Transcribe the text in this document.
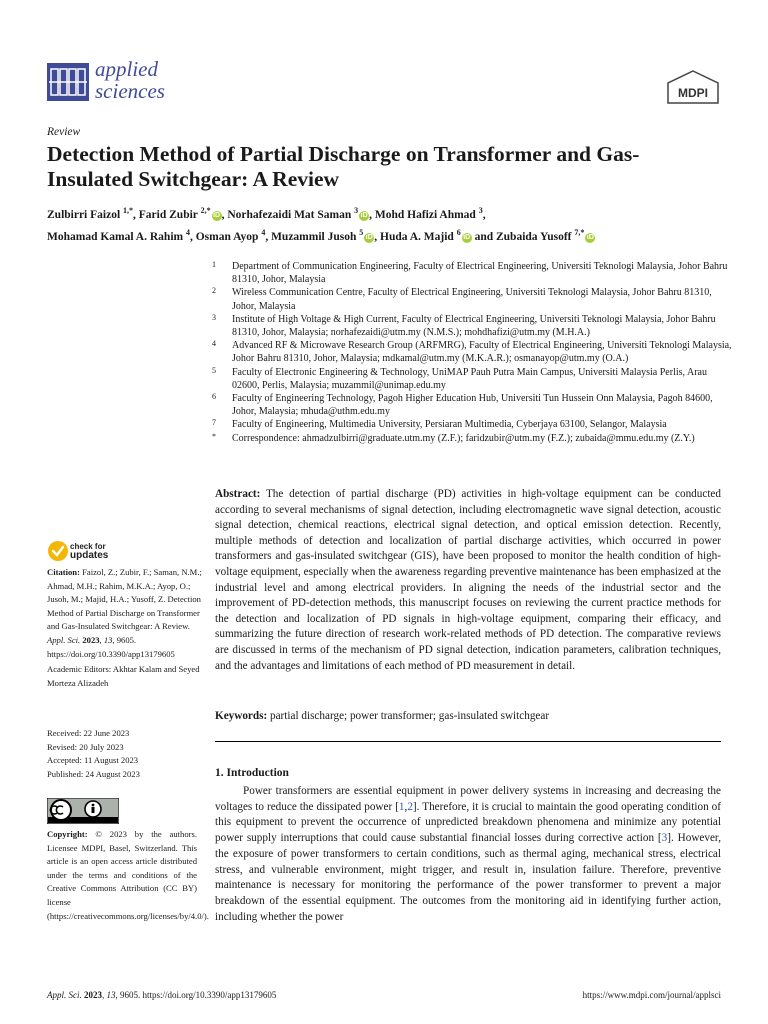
applied
sciences	MDPI
Review
Detection Method of Partial Discharge on Transformer and Gas-Insulated Switchgear: A Review
Zulbirri Faizol $^{1,*}$, Farid Zubir $^{2,*}$iD , Norhafezaidi Mat Saman $^3$iD , Mohd Hafizi Ahmad $^3$,
Mohamad Kamal A. Rahim $^4$, Osman Ayop $^4$, Muzammil Jusoh $^5$iD , Huda A. Majid $^6$iD and Zubaida Yusoff $^{7,*}$iD
1 Department of Communication Engineering, Faculty of Electrical Engineering, Universiti Teknologi Malaysia, Johor Bahru 81310, Johor, Malaysia
2 Wireless Communication Centre, Faculty of Electrical Engineering, Universiti Teknologi Malaysia, Johor Bahru 81310, Johor, Malaysia
3 Institute of High Voltage & High Current, Faculty of Electrical Engineering, Universiti Teknologi Malaysia, Johor Bahru 81310, Johor, Malaysia; norhafezaidi@utm.my (N.M.S.); mohdhafizi@utm.my (M.H.A.)
4 Advanced RF & Microwave Research Group (ARFMRG), Faculty of Electrical Engineering, Universiti Teknologi Malaysia, Johor Bahru 81310, Johor, Malaysia; mdkamal@utm.my (M.K.A.R.); osmanayop@utm.my (O.A.)
5 Faculty of Electronic Engineering & Technology, UniMAP Pauh Putra Main Campus, Universiti Malaysia Perlis, Arau 02600, Perlis, Malaysia; muzammil@unimap.edu.my
6 Faculty of Engineering Technology, Pagoh Higher Education Hub, Universiti Tun Hussein Onn Malaysia, Pagoh 84600, Johor, Malaysia; mhuda@uthm.edu.my
7 Faculty of Engineering, Multimedia University, Persiaran Multimedia, Cyberjaya 63100, Selangor, Malaysia
* Correspondence: ahmadzulbirri@graduate.utm.my (Z.F.); faridzubir@utm.my (F.Z.); zubaida@mmu.edu.my (Z.Y.)
check for
updates

Citation: Faizol, Z.; Zubir, F.; Saman, N.M.; Ahmad, M.H.; Rahim, M.K.A.; Ayop, O.; Jusoh, M.; Majid, H.A.; Yusoff, Z. Detection Method of Partial Discharge on Transformer and Gas-Insulated Switchgear: A Review. Appl. Sci. 2023, 13, 9605. https://doi.org/10.3390/app13179605

Academic Editors: Akhtar Kalam and Seyed Morteza Alizadeh

Received: 22 June 2023
Revised: 20 July 2023
Accepted: 11 August 2023
Published: 24 August 2023

Copyright: © 2023 by the authors. Licensee MDPI, Basel, Switzerland. This article is an open access article distributed under the terms and conditions of the Creative Commons Attribution (CC BY) license (https://creativecommons.org/licenses/by/4.0/).

Abstract: The detection of partial discharge (PD) activities in high-voltage equipment can be conducted according to several mechanisms of signal detection, including electromagnetic wave signal detection, acoustic signal detection, chemical reactions, electrical signal detection, and optical emission detection. Recently, multiple methods of detection and localization of partial discharge activities, which occurred in power transformers and gas-insulated switchgear (GIS), have been proposed to monitor the health condition of high-voltage equipment, especially when the awareness regarding preventive maintenance has been emphasized at the industrial level and among electrical providers. In aligning the needs of the industrial sector and the improvement of PD-detection methods, this manuscript focuses on reviewing the current practice methods for the detection and localization of PD signals in high-voltage equipment, comparing their efficacy, and summarizing the future direction of research work-related methods of PD detection. The comparative reviews are discussed in terms of the mechanism of PD signal detection, indication parameters, calibration techniques, and the advantages and limitations of each method of PD measurement in detail.

Keywords: partial discharge; power transformer; gas-insulated switchgear

1. Introduction

Power transformers are essential equipment in power delivery systems in increasing and decreasing the voltages to reduce the dissipated power [1,2]. Therefore, it is crucial to maintain the good operating condition of this equipment to prevent the occurrence of unpredicted breakdown phenomena and minimize any potential power supply interruptions that could cause substantial financial losses during corrective action [3]. However, the exposure of power transformers to certain conditions, such as thermal aging, mechanical stress, electrical stress, and vulnerable environment, might trigger, and result in, insulation failure. Therefore, preventive maintenance is necessary for monitoring the performance of the power transformer to prevent a major breakdown of the essential equipment. The outcomes from the monitoring aid in identifying further action, including whether the power

Appl. Sci. 2023, 13, 9605. https://doi.org/10.3390/app13179605	https://www.mdpi.com/journal/applsci
